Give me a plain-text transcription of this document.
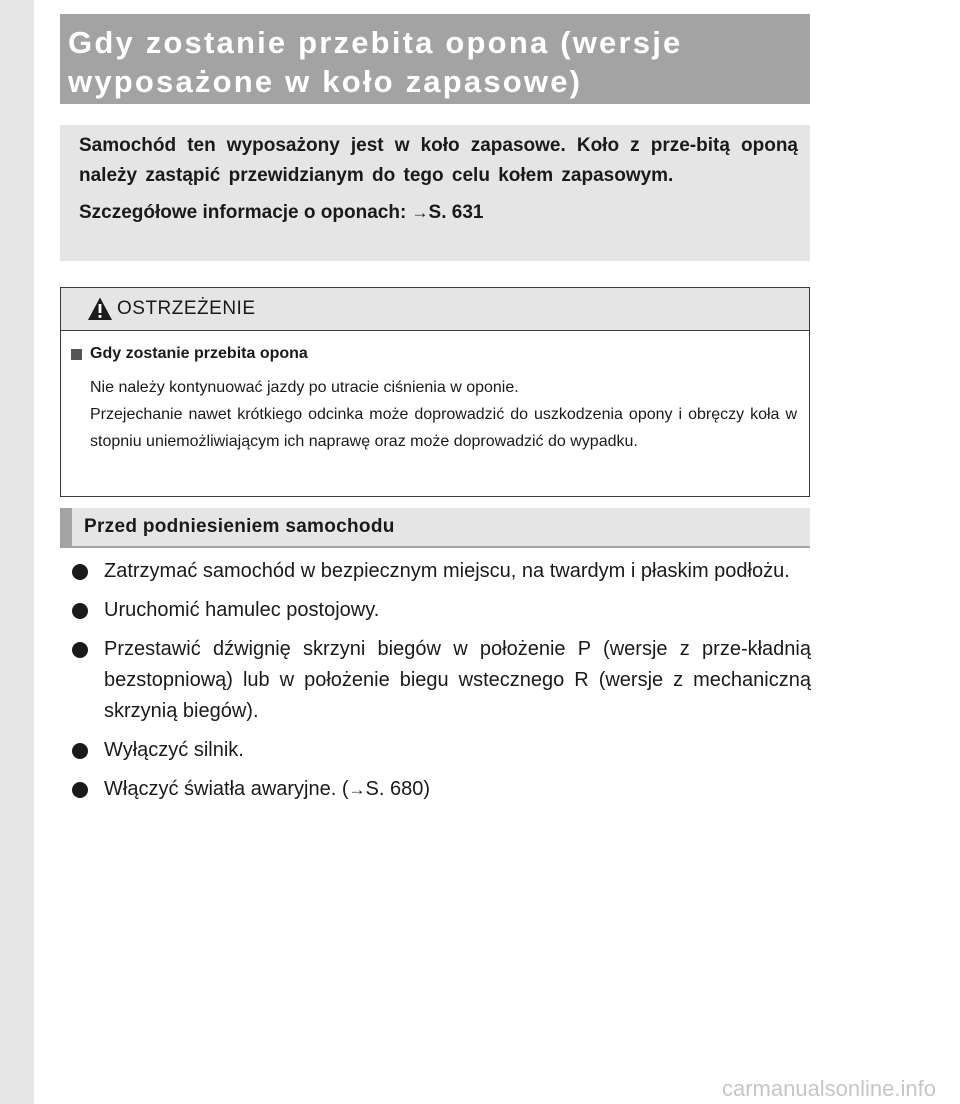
Gdy zostanie przebita opona (wersje
wyposażone w koło zapasowe)

Samochód ten wyposażony jest w koło zapasowe. Koło z prze-bitą oponą należy zastąpić przewidzianym do tego celu kołem zapasowym.

Szczegółowe informacje o oponach: →S. 631

OSTRZEŻENIE
Gdy zostanie przebita opona

Nie należy kontynuować jazdy po utracie ciśnienia w oponie.
Przejechanie nawet krótkiego odcinka może doprowadzić do uszkodzenia opony i obręczy koła w stopniu uniemożliwiającym ich naprawę oraz może doprowadzić do wypadku.

Przed podniesieniem samochodu
Zatrzymać samochód w bezpiecznym miejscu, na twardym i płaskim podłożu.
Uruchomić hamulec postojowy.
Przestawić dźwignię skrzyni biegów w położenie P (wersje z prze-kładnią bezstopniową) lub w położenie biegu wstecznego R (wersje z mechaniczną skrzynią biegów).
Wyłączyć silnik.
Włączyć światła awaryjne. (→S. 680)
carmanualsonline.info
